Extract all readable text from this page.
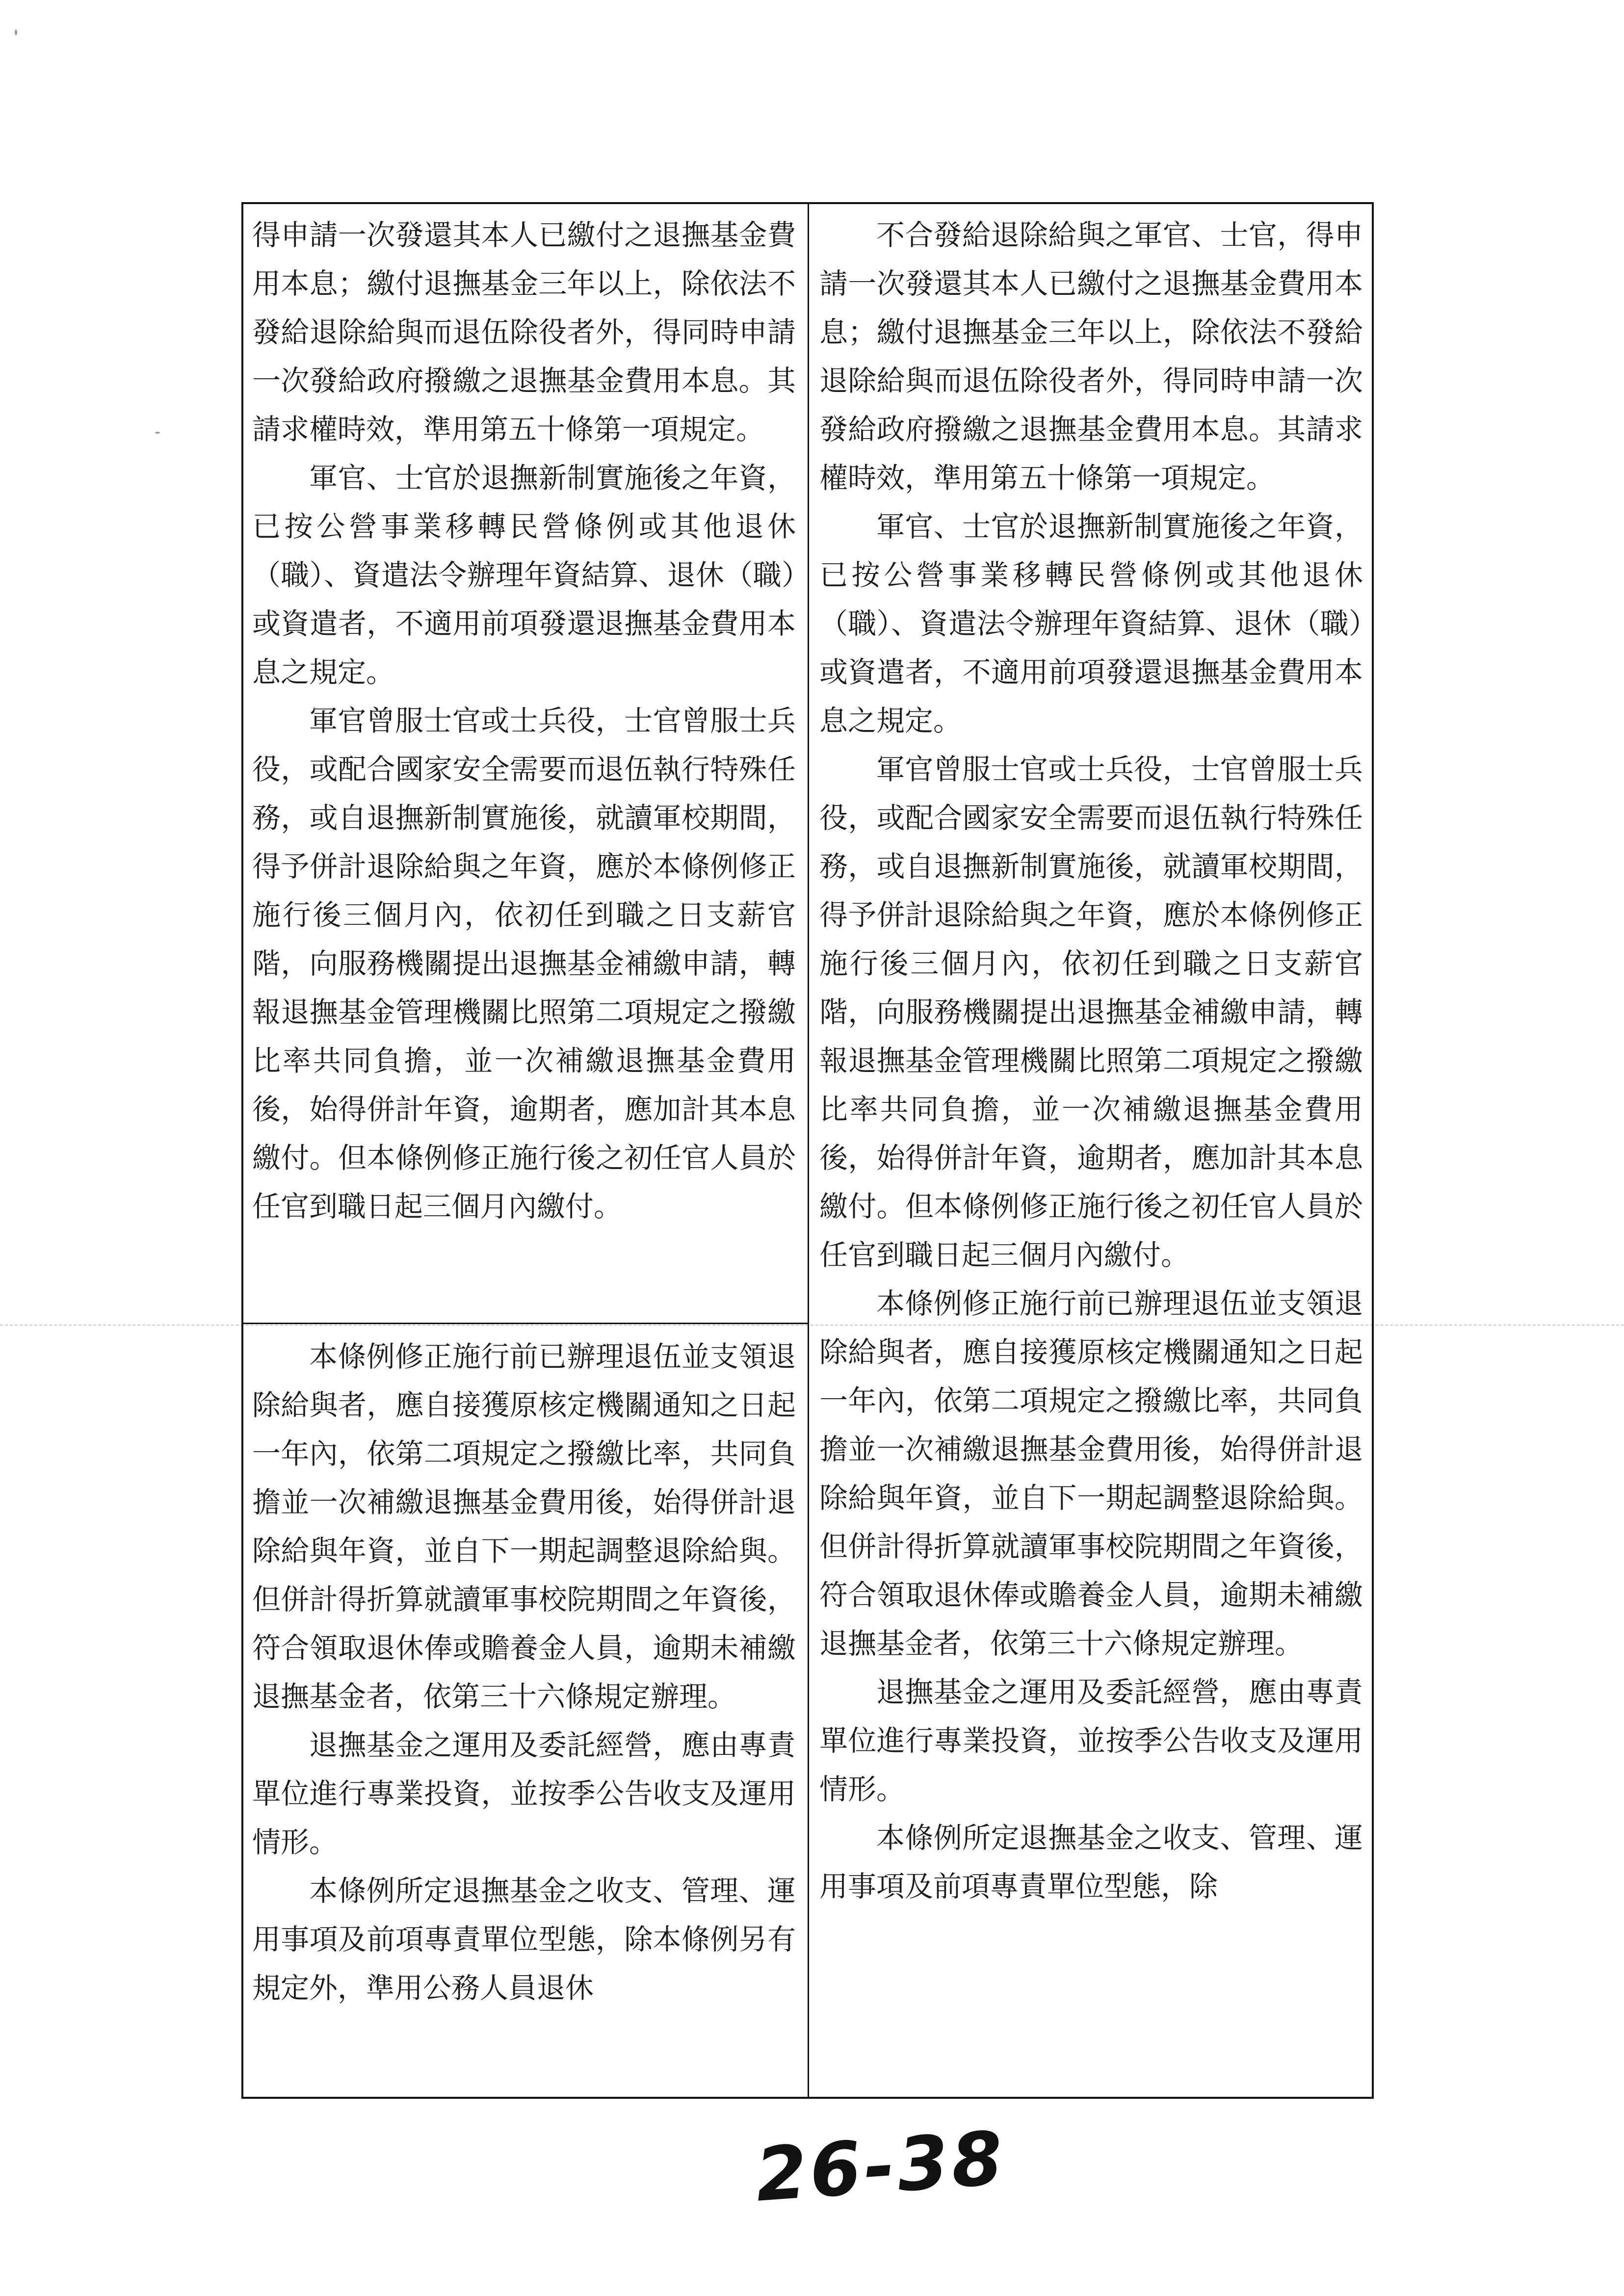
得申請一次發還其本人已繳付之退撫基金費用本息；繳付退撫基金三年以上，除依法不發給退除給與而退伍除役者外，得同時申請一次發給政府撥繳之退撫基金費用本息。其請求權時效，準用第五十條第一項規定。

軍官、士官於退撫新制實施後之年資，已按公營事業移轉民營條例或其他退休（職）、資遣法令辦理年資結算、退休（職）或資遣者，不適用前項發還退撫基金費用本息之規定。

軍官曾服士官或士兵役，士官曾服士兵役，或配合國家安全需要而退伍執行特殊任務，或自退撫新制實施後，就讀軍校期間，得予併計退除給與之年資，應於本條例修正施行後三個月內，依初任到職之日支薪官階，向服務機關提出退撫基金補繳申請，轉報退撫基金管理機關比照第二項規定之撥繳比率共同負擔，並一次補繳退撫基金費用後，始得併計年資，逾期者，應加計其本息繳付。但本條例修正施行後之初任官人員於任官到職日起三個月內繳付。

本條例修正施行前已辦理退伍並支領退除給與者，應自接獲原核定機關通知之日起一年內，依第二項規定之撥繳比率，共同負擔並一次補繳退撫基金費用後，始得併計退除給與年資，並自下一期起調整退除給與。但併計得折算就讀軍事校院期間之年資後，符合領取退休俸或贍養金人員，逾期未補繳退撫基金者，依第三十六條規定辦理。

退撫基金之運用及委託經營，應由專責單位進行專業投資，並按季公告收支及運用情形。

本條例所定退撫基金之收支、管理、運用事項及前項專責單位型態，除本條例另有規定外，準用公務人員退休

不合發給退除給與之軍官、士官，得申請一次發還其本人已繳付之退撫基金費用本息；繳付退撫基金三年以上，除依法不發給退除給與而退伍除役者外，得同時申請一次發給政府撥繳之退撫基金費用本息。其請求權時效，準用第五十條第一項規定。

軍官、士官於退撫新制實施後之年資，已按公營事業移轉民營條例或其他退休（職）、資遣法令辦理年資結算、退休（職）或資遣者，不適用前項發還退撫基金費用本息之規定。

軍官曾服士官或士兵役，士官曾服士兵役，或配合國家安全需要而退伍執行特殊任務，或自退撫新制實施後，就讀軍校期間，得予併計退除給與之年資，應於本條例修正施行後三個月內，依初任到職之日支薪官階，向服務機關提出退撫基金補繳申請，轉報退撫基金管理機關比照第二項規定之撥繳比率共同負擔，並一次補繳退撫基金費用後，始得併計年資，逾期者，應加計其本息繳付。但本條例修正施行後之初任官人員於任官到職日起三個月內繳付。

本條例修正施行前已辦理退伍並支領退除給與者，應自接獲原核定機關通知之日起一年內，依第二項規定之撥繳比率，共同負擔並一次補繳退撫基金費用後，始得併計退除給與年資，並自下一期起調整退除給與。但併計得折算就讀軍事校院期間之年資後，符合領取退休俸或贍養金人員，逾期未補繳退撫基金者，依第三十六條規定辦理。

退撫基金之運用及委託經營，應由專責單位進行專業投資，並按季公告收支及運用情形。

本條例所定退撫基金之收支、管理、運用事項及前項專責單位型態，除

26-38
